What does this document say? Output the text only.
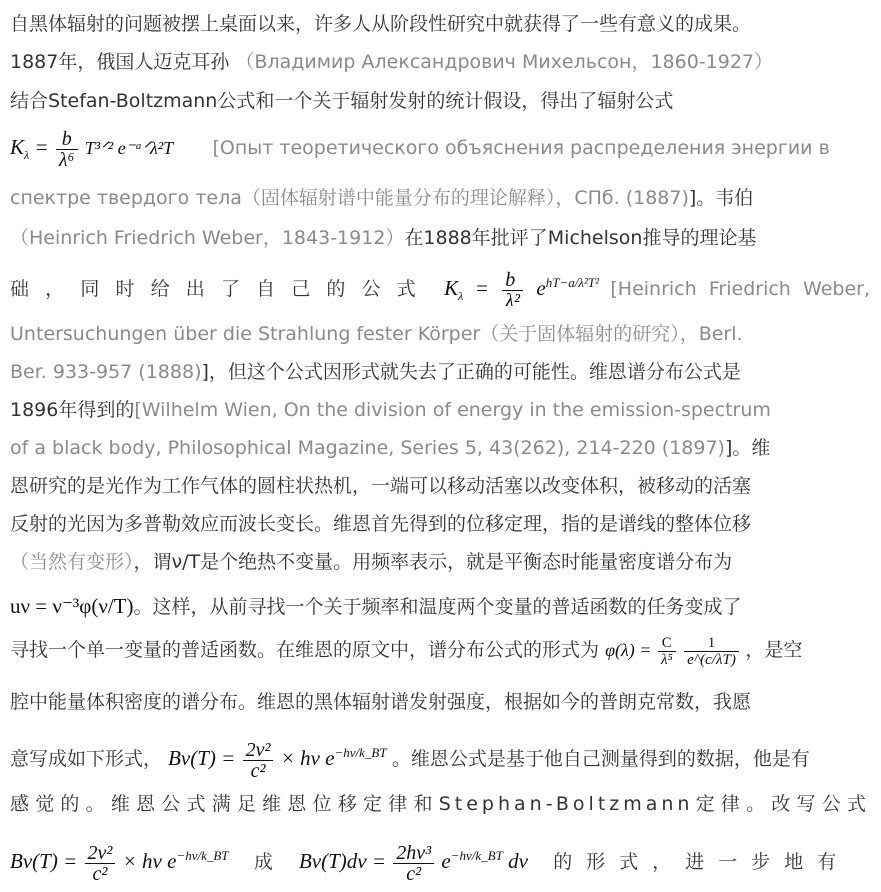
自黑体辐射的问题被摆上桌面以来，许多人从阶段性研究中就获得了一些有意义的成果。
1887年，俄国人迈克耳孙 （Владимир Александрович Михельсон，1860-1927）
结合Stefan-Boltzmann公式和一个关于辐射发射的统计假设，得出了辐射公式
$K_\lambda = \frac{b}{\text{λ⁶}}$ T³ᐟ² e⁻ᵃᐟλ²T [Опыт теоретического объяснения распределения энергии в
спектре твердого тела（固体辐射谱中能量分布的理论解释），СПб. (1887)]。韦伯
（Heinrich Friedrich Weber，1843-1912）在1888年批评了Michelson推导的理论基
础，同时给出了自己的公式 $K_\lambda = \frac{b}{\text{λ²}} e^{hT-a/\lambda^2T^2}$ [Heinrich Friedrich Weber,
Untersuchungen über die Strahlung fester Körper（关于固体辐射的研究），Berl.
Ber. 933-957 (1888)]，但这个公式因形式就失去了正确的可能性。维恩谱分布公式是
1896年得到的[Wilhelm Wien, On the division of energy in the emission-spectrum
of a black body, Philosophical Magazine, Series 5, 43(262), 214-220 (1897)]。维
恩研究的是光作为工作气体的圆柱状热机，一端可以移动活塞以改变体积，被移动的活塞
反射的光因为多普勒效应而波长变长。维恩首先得到的位移定理，指的是谱线的整体位移
（当然有变形），谓ν/T是个绝热不变量。用频率表示，就是平衡态时能量密度谱分布为
uν = ν⁻³φ(ν/T)。这样，从前寻找一个关于频率和温度两个变量的普适函数的任务变成了
寻找一个单一变量的普适函数。在维恩的原文中，谱分布公式的形式为 $\varphi(\lambda) = \frac{C}{\text{λ⁵}}$
$\frac{1}{e\^{}(c/\lambda T)}$ ，是空
腔中能量体积密度的谱分布。维恩的黑体辐射谱发射强度，根据如今的普朗克常数，我愿
意写成如下形式， $B\nu(T) = \frac{\text{2ν²}}{\text{c²}} \times h\nu$ $e^{-h\nu/k\_BT}$ 。维恩公式是基于他自己测量得到的数据，他是有
感觉的。维恩公式满足维恩位移定律和Stephan-Boltzmann定律。改写公式
$B\nu(T) = \frac{\text{2ν²}}{\text{c²}} \times h\nu$ $e^{-h\nu/k\_BT}$ 成 $B\nu(T)d\nu = \frac{\text{2hν³}}{\text{c²}} e^{-h\nu/k\_BT}$ dν 的形式，进一步地有
